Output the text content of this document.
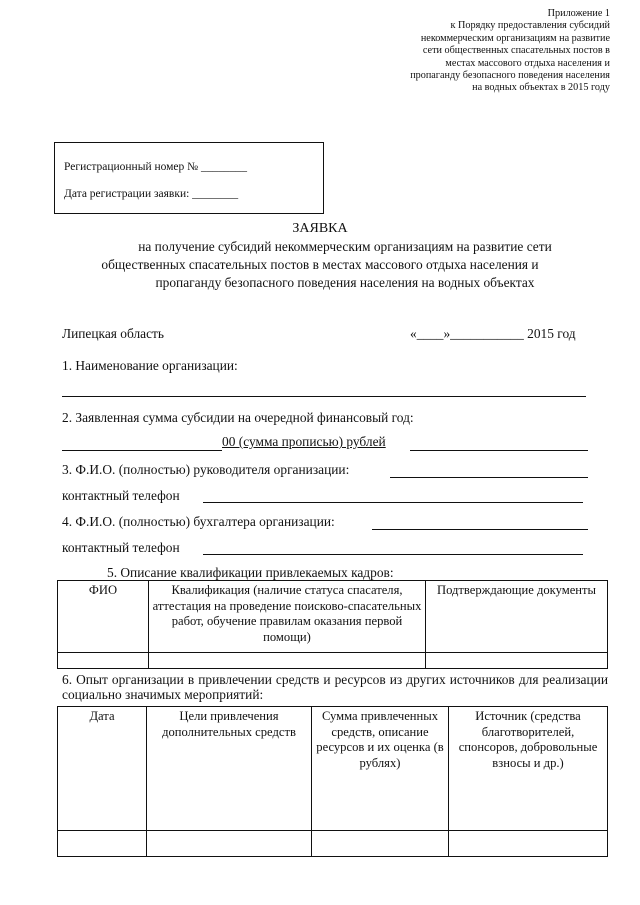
Приложение 1
к Порядку предоставления субсидий
некоммерческим организациям на развитие
сети общественных спасательных постов в
местах массового отдыха населения и
пропаганду безопасного поведения населения
на водных объектах в 2015 году
Регистрационный номер № ________
Дата регистрации заявки: ________
ЗАЯВКА
на получение субсидий некоммерческим организациям на развитие сети
общественных спасательных постов в местах массового отдыха населения и
пропаганду безопасного поведения населения на водных объектах
Липецкая область	«____»___________ 2015 год
1. Наименование организации:
2. Заявленная сумма субсидии на очередной финансовый год:
00 (сумма прописью) рублей
3. Ф.И.О. (полностью) руководителя организации:
контактный телефон
4. Ф.И.О. (полностью) бухгалтера организации:
контактный телефон
5. Описание квалификации привлекаемых кадров:
ФИО	Квалификация (наличие статуса спасателя, аттестация на проведение поисково-спасательных работ, обучение правилам оказания первой помощи)	Подтверждающие документы

6. Опыт организации в привлечении средств и ресурсов из других источников для реализации социально значимых мероприятий:
Дата	Цели привлечения дополнительных средств	Сумма привлеченных средств, описание ресурсов и их оценка (в рублях)	Источник (средства благотворителей, спонсоров, добровольные взносы и др.)
